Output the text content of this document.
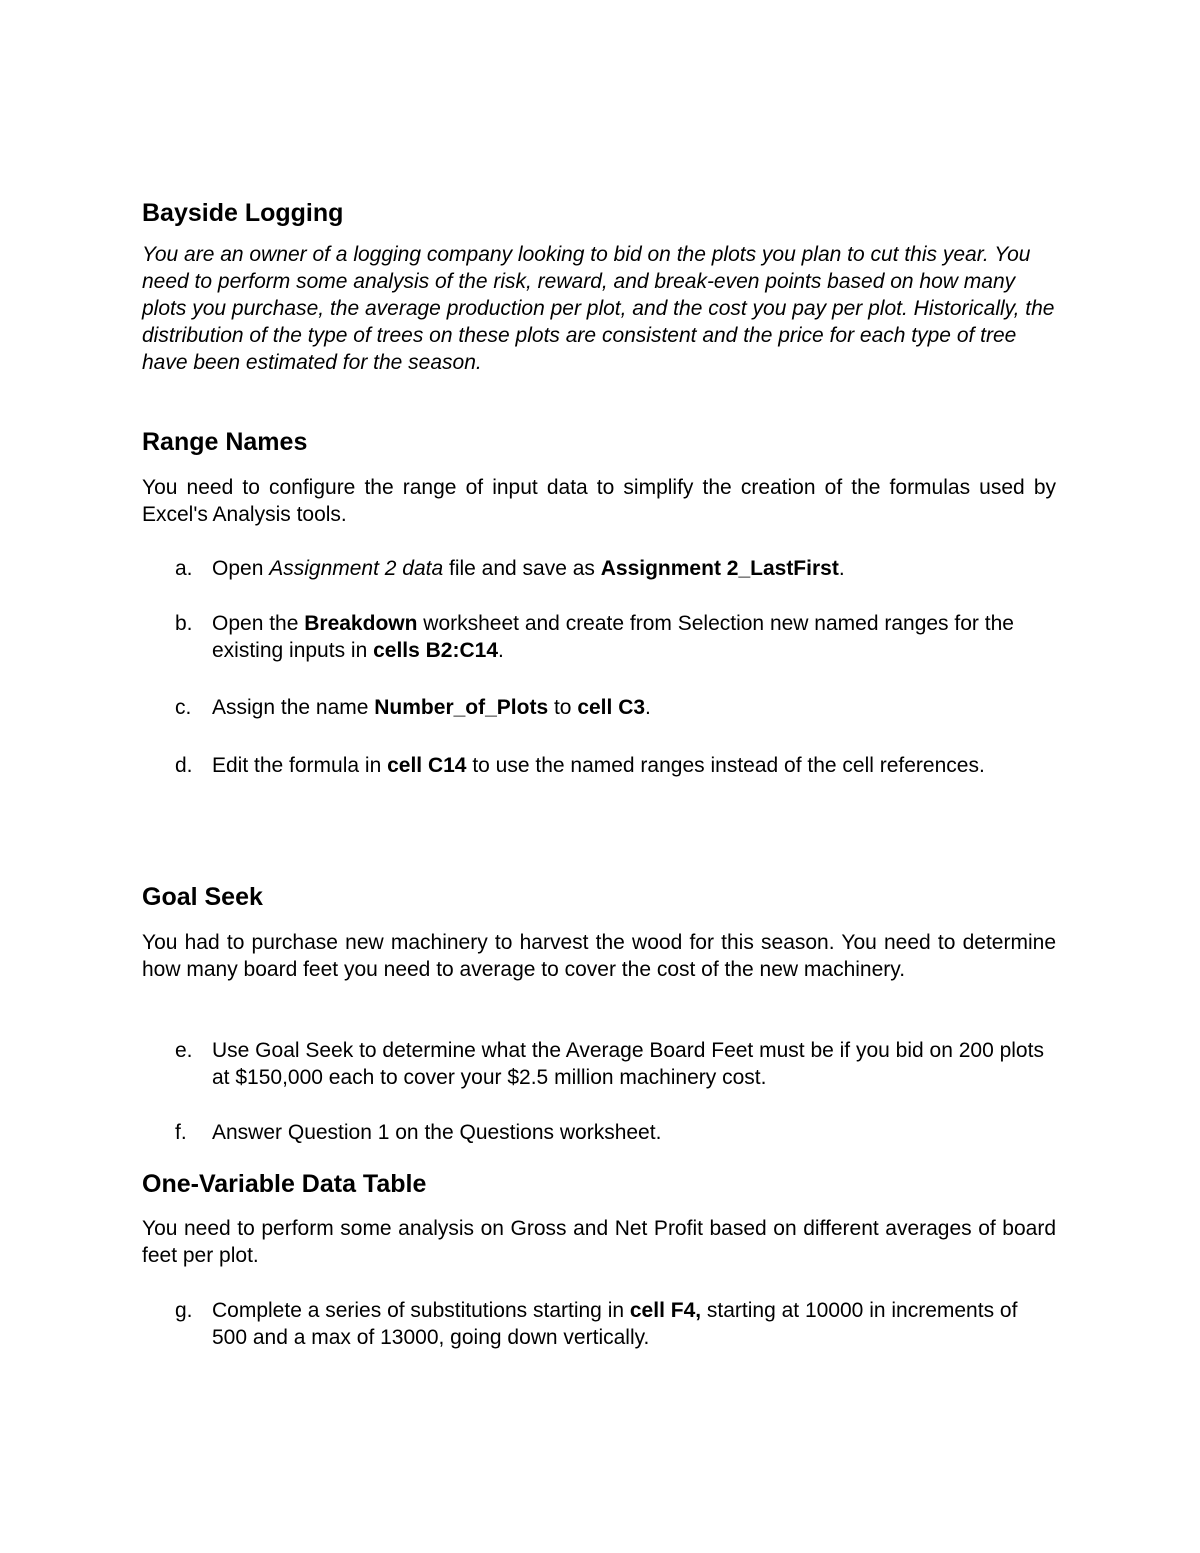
Bayside Logging
You are an owner of a logging company looking to bid on the plots you plan to cut this year. You need to perform some analysis of the risk, reward, and break-even points based on how many plots you purchase, the average production per plot, and the cost you pay per plot. Historically, the distribution of the type of trees on these plots are consistent and the price for each type of tree have been estimated for the season.
Range Names
You need to configure the range of input data to simplify the creation of the formulas used by Excel's Analysis tools.
a. Open Assignment 2 data file and save as Assignment 2_LastFirst.
b. Open the Breakdown worksheet and create from Selection new named ranges for the existing inputs in cells B2:C14.
c. Assign the name Number_of_Plots to cell C3.
d. Edit the formula in cell C14 to use the named ranges instead of the cell references.
Goal Seek
You had to purchase new machinery to harvest the wood for this season. You need to determine how many board feet you need to average to cover the cost of the new machinery.
e. Use Goal Seek to determine what the Average Board Feet must be if you bid on 200 plots at $150,000 each to cover your $2.5 million machinery cost.
f. Answer Question 1 on the Questions worksheet.
One-Variable Data Table
You need to perform some analysis on Gross and Net Profit based on different averages of board feet per plot.
g. Complete a series of substitutions starting in cell F4, starting at 10000 in increments of 500 and a max of 13000, going down vertically.
